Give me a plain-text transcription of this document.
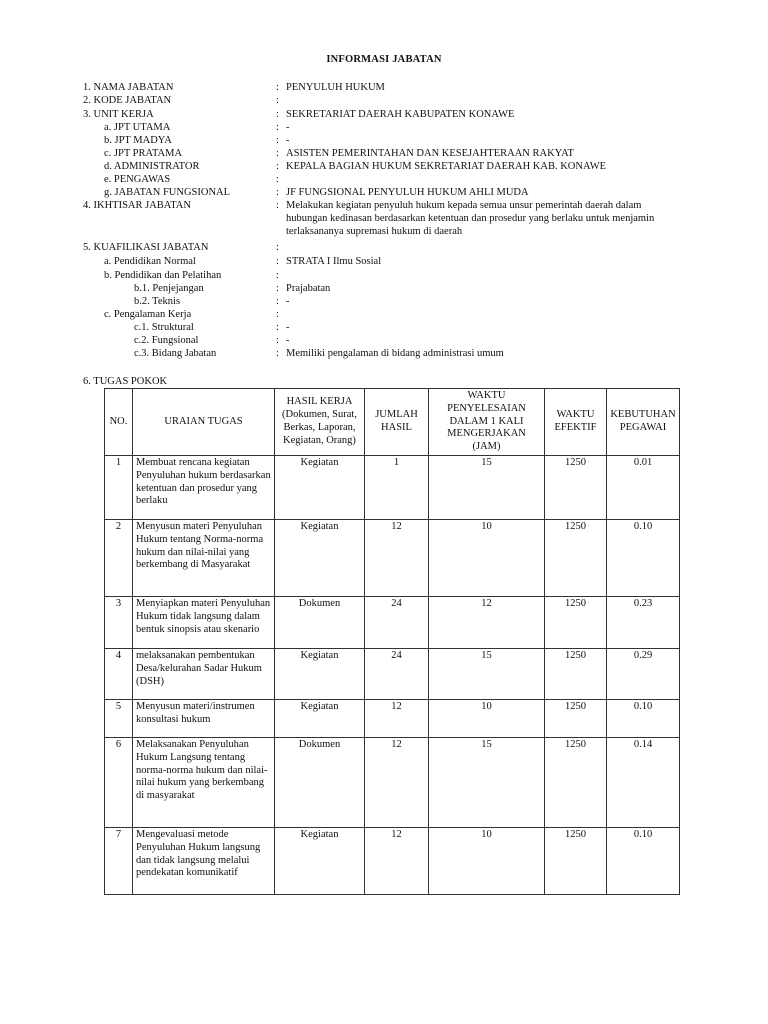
INFORMASI JABATAN
1. NAMA JABATAN	: PENYULUH HUKUM
2. KODE JABATAN	:
3. UNIT KERJA	: SEKRETARIAT DAERAH KABUPATEN KONAWE
a. JPT UTAMA	: -
b. JPT MADYA	: -
c. JPT PRATAMA	: ASISTEN PEMERINTAHAN DAN KESEJAHTERAAN RAKYAT
d. ADMINISTRATOR	: KEPALA BAGIAN HUKUM SEKRETARIAT DAERAH KAB. KONAWE
e. PENGAWAS	:
g. JABATAN FUNGSIONAL	: JF FUNGSIONAL PENYULUH HUKUM AHLI MUDA
4. IKHTISAR JABATAN	: Melakukan kegiatan penyuluh hukum kepada semua unsur pemerintah daerah dalam hubungan kedinasan berdasarkan ketentuan dan prosedur yang berlaku untuk menjamin terlaksananya supremasi hukum di daerah
5. KUAFILIKASI JABATAN	:
a. Pendidikan Normal	: STRATA I Ilmu Sosial
b. Pendidikan dan Pelatihan	:
b.1. Penjejangan	: Prajabatan
b.2. Teknis	: -
c. Pengalaman Kerja	:
c.1. Struktural	: -
c.2. Fungsional	: -
c.3. Bidang Jabatan	: Memiliki pengalaman di bidang administrasi umum
6. TUGAS POKOK
NO.	URAIAN TUGAS	HASIL KERJA (Dokumen, Surat, Berkas, Laporan, Kegiatan, Orang)	JUMLAH HASIL	WAKTU PENYELESAIAN DALAM 1 KALI MENGERJAKAN (JAM)	WAKTU EFEKTIF	KEBUTUHAN PEGAWAI
1	Membuat rencana kegiatan Penyuluhan hukum berdasarkan ketentuan dan prosedur yang berlaku	Kegiatan	1	15	1250	0.01
2	Menyusun materi Penyuluhan Hukum tentang Norma-norma hukum dan nilai-nilai yang berkembang di Masyarakat	Kegiatan	12	10	1250	0.10
3	Menyiapkan materi Penyuluhan Hukum tidak langsung dalam bentuk sinopsis atau skenario	Dokumen	24	12	1250	0.23
4	melaksanakan pembentukan Desa/kelurahan Sadar Hukum (DSH)	Kegiatan	24	15	1250	0.29
5	Menyusun materi/instrumen konsultasi hukum	Kegiatan	12	10	1250	0.10
6	Melaksanakan Penyuluhan Hukum Langsung tentang norma-norma hukum dan nilai-nilai hukum yang berkembang di masyarakat	Dokumen	12	15	1250	0.14
7	Mengevaluasi metode Penyuluhan Hukum langsung dan tidak langsung melalui pendekatan komunikatif	Kegiatan	12	10	1250	0.10
